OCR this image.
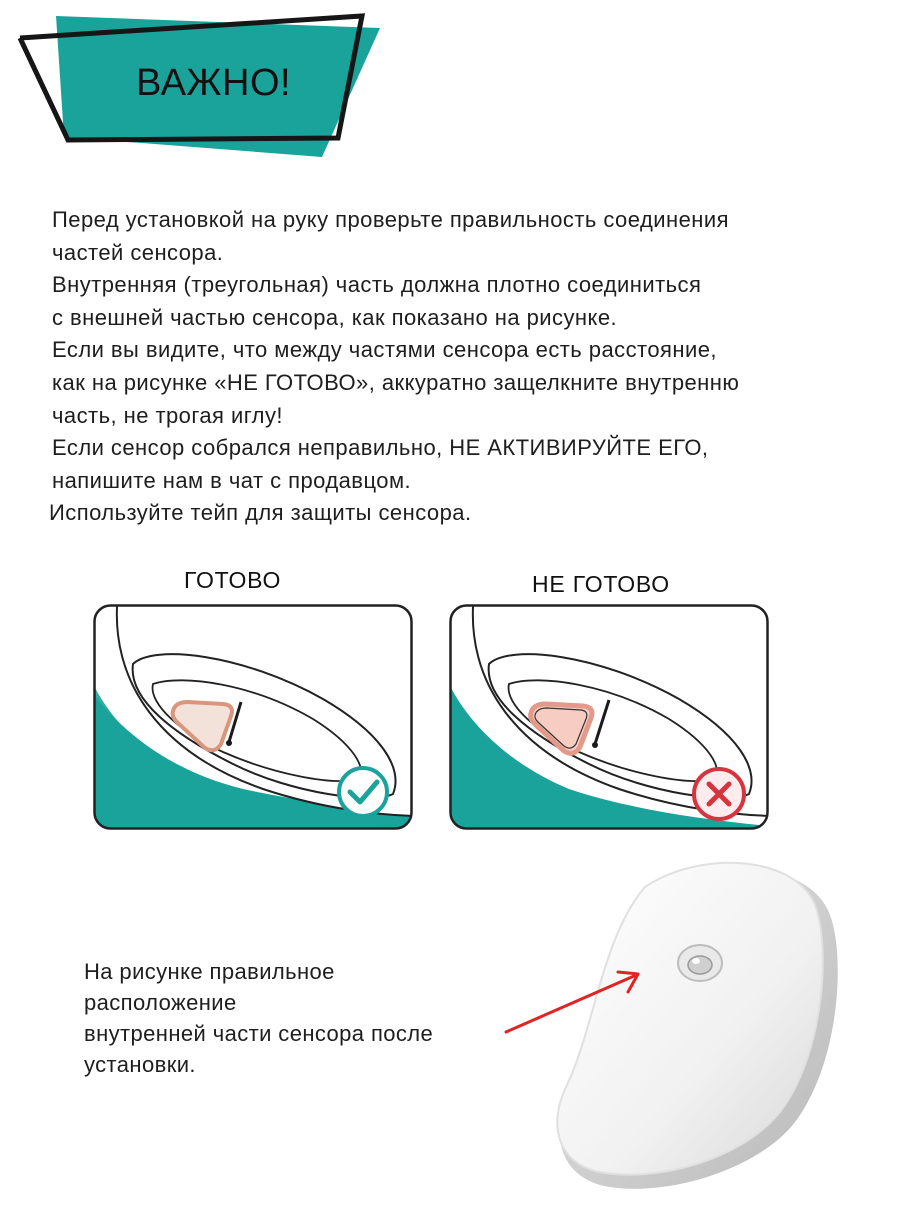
ВАЖНО!
Перед установкой на руку проверьте правильность соединения
частей сенсора.
Внутренняя (треугольная) часть должна плотно соединиться
с внешней частью сенсора, как показано на рисунке.
Если вы видите, что между частями сенсора есть расстояние,
как на рисунке «НЕ ГОТОВО», аккуратно защелкните внутренню
часть, не трогая иглу!
Если сенсор собрался неправильно, НЕ АКТИВИРУЙТЕ ЕГО,
напишите нам в чат с продавцом.
Используйте тейп для защиты сенсора.
ГОТОВО	НЕ ГОТОВО
На рисунке правильное
расположение
внутренней части сенсора после
установки.
